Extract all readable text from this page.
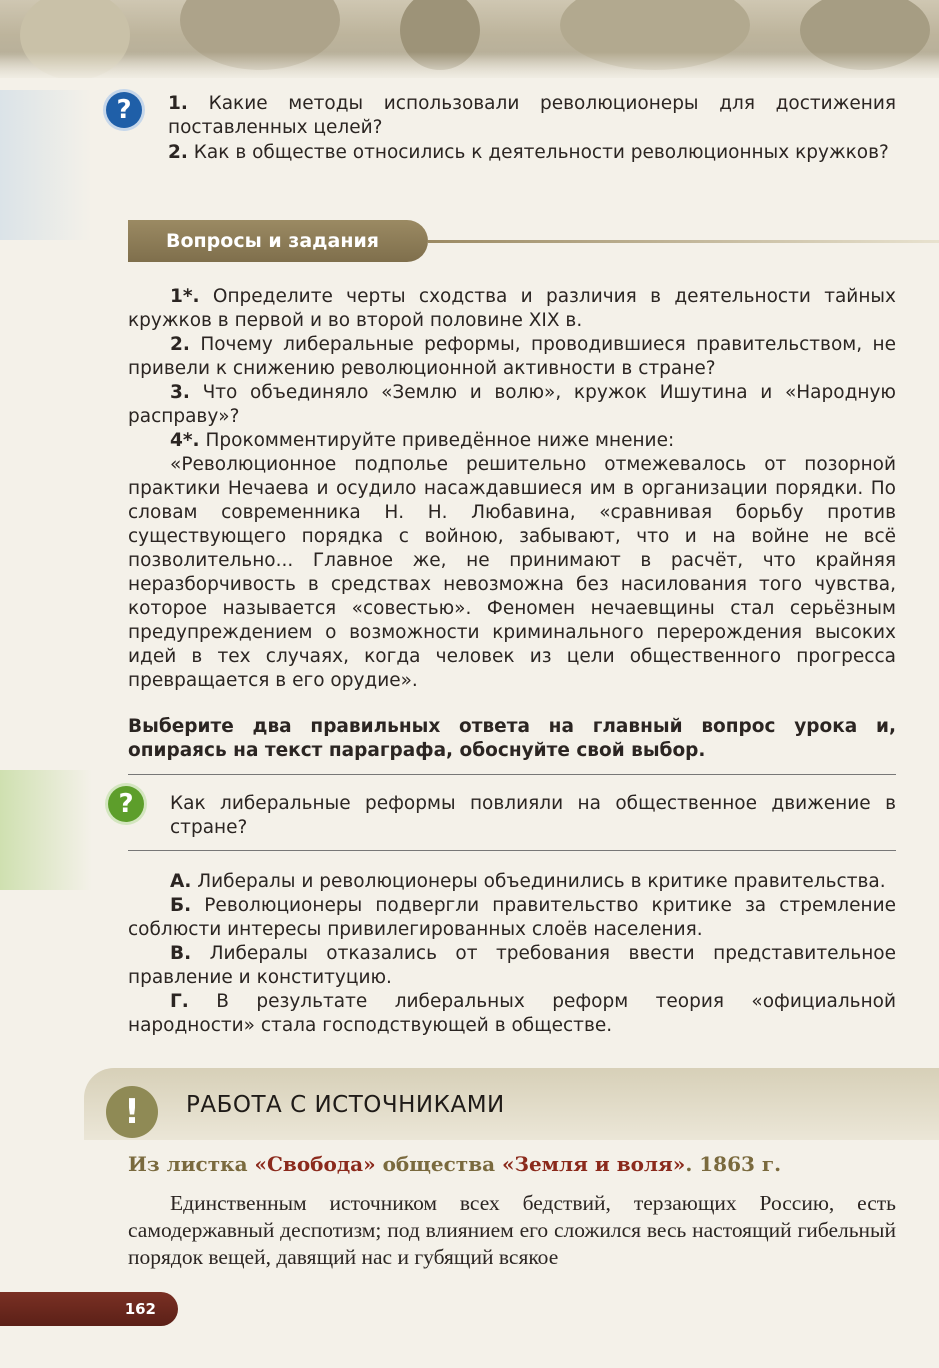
?	1. Какие методы использовали революционеры для достижения поставленных целей?

2. Как в обществе относились к деятельности революционных кружков?

Вопросы и задания

1*. Определите черты сходства и различия в деятельности тайных кружков в первой и во второй половине XIX в.

2. Почему либеральные реформы, проводившиеся правительством, не привели к снижению революционной активности в стране?

3. Что объединяло «Землю и волю», кружок Ишутина и «Народную расправу»?

4*. Прокомментируйте приведённое ниже мнение:

«Революционное подполье решительно отмежевалось от позорной практики Нечаева и осудило насаждавшиеся им в организации порядки. По словам современника Н. Н. Любавина, «сравнивая борьбу против существующего порядка с войною, забывают, что и на войне не всё позволительно... Главное же, не принимают в расчёт, что крайняя неразборчивость в средствах невозможна без насилования того чувства, которое называется «совестью». Феномен нечаевщины стал серьёзным предупреждением о возможности криминального перерождения высоких идей в тех случаях, когда человек из цели общественного прогресса превращается в его орудие».

Выберите два правильных ответа на главный вопрос урока и, опираясь на текст параграфа, обоснуйте свой выбор.

?	Как либеральные реформы повлияли на общественное движение в стране?

А. Либералы и революционеры объединились в критике правительства.

Б. Революционеры подвергли правительство критике за стремление соблюсти интересы привилегированных слоёв населения.

В. Либералы отказались от требования ввести представительное правление и конституцию.

Г. В результате либеральных реформ теория «официальной народности» стала господствующей в обществе.

!	РАБОТА С ИСТОЧНИКАМИ
Из листка «Свобода» общества «Земля и воля». 1863 г.

Единственным источником всех бедствий, терзающих Россию, есть самодержавный деспотизм; под влиянием его сложился весь настоящий гибельный порядок вещей, давящий нас и губящий всякое

162
